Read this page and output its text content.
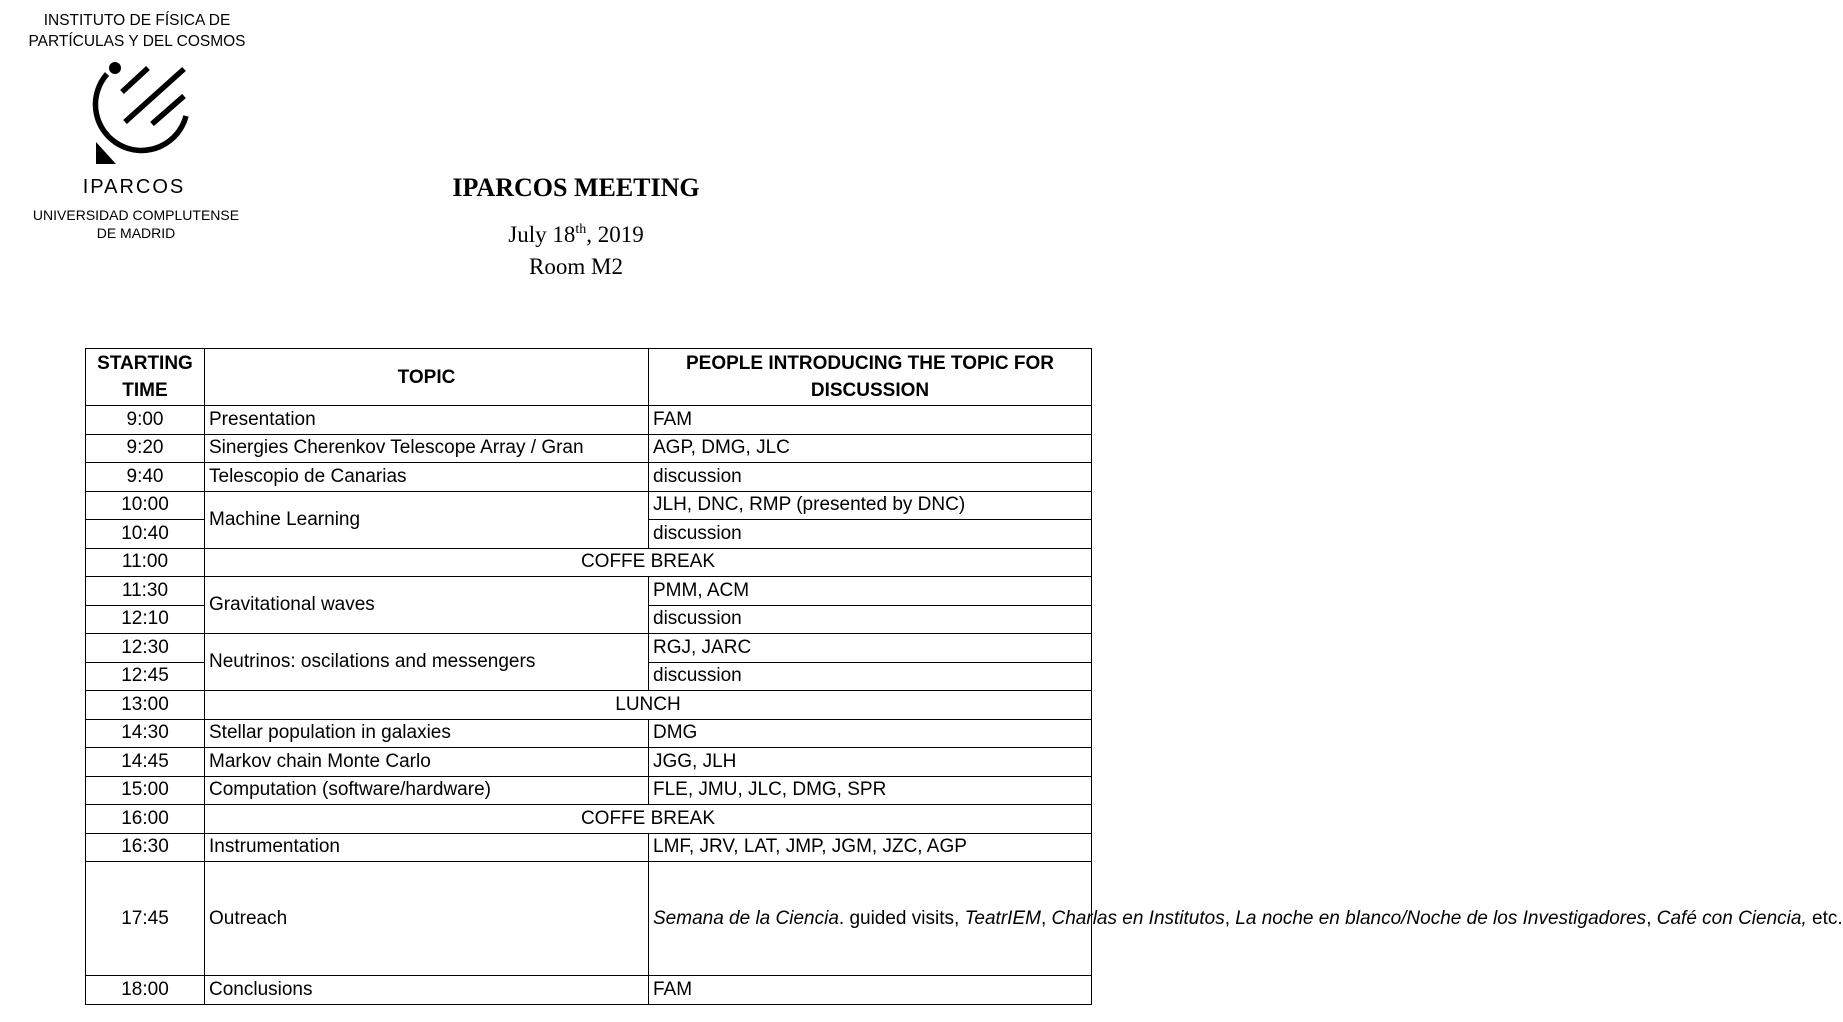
INSTITUTO DE FÍSICA DE
PARTÍCULAS Y DEL COSMOS
IPARCOS
UNIVERSIDAD COMPLUTENSE
DE MADRID
IPARCOS MEETING
July 18th, 2019
Room M2
STARTING
TIME	TOPIC	PEOPLE INTRODUCING THE TOPIC FOR
DISCUSSION
9:00	Presentation	FAM
9:20	Sinergies Cherenkov Telescope Array / Gran	AGP, DMG, JLC
9:40	Telescopio de Canarias	discussion
10:00	Machine Learning	JLH, DNC, RMP (presented by DNC)
10:40		discussion
11:00	COFFE BREAK	
11:30	Gravitational waves	PMM, ACM
12:10		discussion
12:30	Neutrinos: oscilations and messengers	RGJ, JARC
12:45		discussion
13:00	LUNCH	
14:30	Stellar population in galaxies	DMG
14:45	Markov chain Monte Carlo	JGG, JLH
15:00	Computation (software/hardware)	FLE, JMU, JLC, DMG, SPR
16:00	COFFE BREAK	
16:30	Instrumentation	LMF, JRV, LAT, JMP, JGM, JZC, AGP
17:45	Outreach	Semana de la Ciencia. guided visits, TeatrIEM, Charlas en Institutos, La noche en blanco/Noche de los Investigadores, Café con Ciencia, etc.
18:00	Conclusions	FAM
